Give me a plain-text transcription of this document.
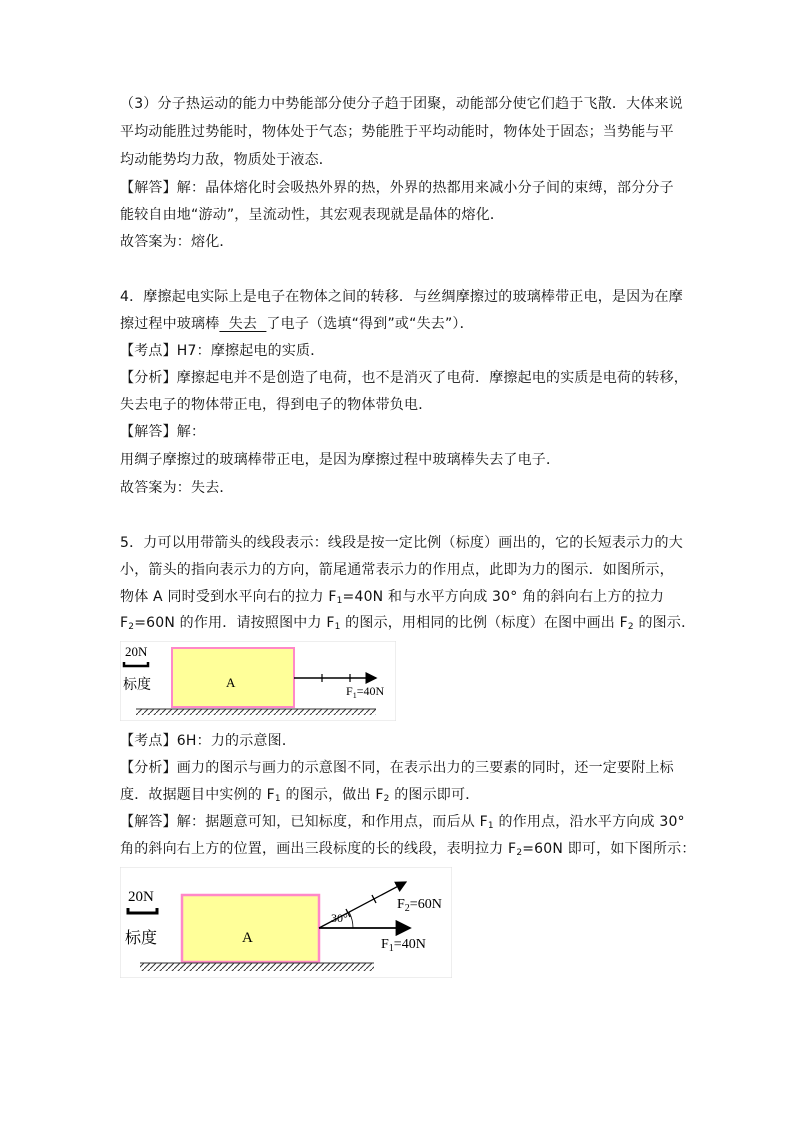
（3）分子热运动的能力中势能部分使分子趋于团聚，动能部分使它们趋于飞散．大体来说
平均动能胜过势能时，物体处于气态；势能胜于平均动能时，物体处于固态；当势能与平
均动能势均力敌，物质处于液态．
【解答】解：晶体熔化时会吸热外界的热，外界的热都用来减小分子间的束缚，部分分子
能较自由地“游动”，呈流动性，其宏观表现就是晶体的熔化．
故答案为：熔化．
4．摩擦起电实际上是电子在物体之间的转移．与丝绸摩擦过的玻璃棒带正电，是因为在摩
擦过程中玻璃棒  失去  了电子（选填“得到”或“失去”）．
【考点】H7：摩擦起电的实质．
【分析】摩擦起电并不是创造了电荷，也不是消灭了电荷．摩擦起电的实质是电荷的转移，
失去电子的物体带正电，得到电子的物体带负电．
【解答】解：
用绸子摩擦过的玻璃棒带正电，是因为摩擦过程中玻璃棒失去了电子．
故答案为：失去．
5．力可以用带箭头的线段表示：线段是按一定比例（标度）画出的，它的长短表示力的大
小，箭头的指向表示力的方向，箭尾通常表示力的作用点，此即为力的图示．如图所示，
物体 A 同时受到水平向右的拉力 $F_1=40N$ 和与水平方向成 30° 角的斜向右上方的拉力
$F_2=60N$ 的作用．请按照图中力 $F_1$ 的图示，用相同的比例（标度）在图中画出 $F_2$ 的图示．
20N
标度	A
$F_1=40N$
【考点】6H：力的示意图．
【分析】画力的图示与画力的示意图不同，在表示出力的三要素的同时，还一定要附上标
度．故据题目中实例的 $F_1$ 的图示，做出 $F_2$ 的图示即可．
【解答】解：据题意可知，已知标度，和作用点，而后从 $F_1$ 的作用点，沿水平方向成 30°
角的斜向右上方的位置，画出三段标度的长的线段，表明拉力 $F_2=60N$ 即可，如下图所示：
20N
标度	A
30°
$F_2=60N$
$F_1=40N$
